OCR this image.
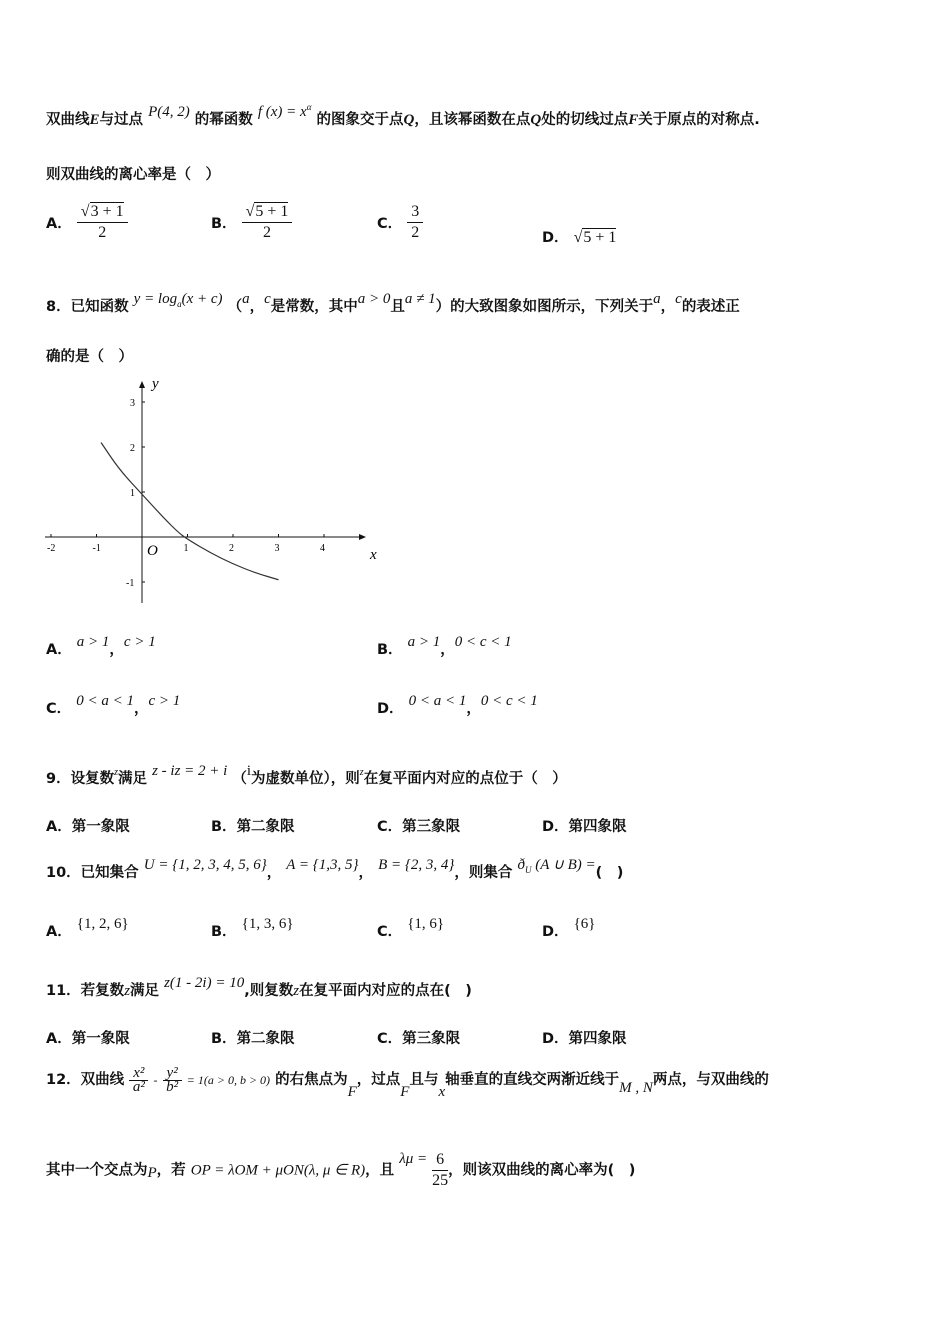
双曲线E与过点 P(4, 2) 的幂函数 f $(x) = x^\alpha$ 的图象交于点Q，且该幂函数在点Q处的切线过点F关于原点的对称点.
则双曲线的离心率是（　）
A． $\frac{√3 + 1}{2}$	B． $\frac{√5 + 1}{2}$	C． $\frac{3}{2}$	D． √5 + 1
8．已知函数 $y = \log_a(x + c)$ （a，c是常数，其中a > 0且a ≠ 1）的大致图象如图所示，下列关于a，c的表述正
确的是（　）
-2	-1	1	2	3	4
3
2
1
-1
x
y
O
A． a > 1，c > 1	B． a > 1，0 < c < 1
C． 0 < a < 1，c > 1	D． 0 < a < 1，0 < c < 1
9．设复数$^z$满足 z - iz = 2 + i （i为虚数单位），则$^z$在复平面内对应的点位于（　）
A．第一象限	B．第二象限	C．第三象限	D．第四象限
10．已知集合 U = {1, 2, 3, 4, 5, 6}， A = {1,3, 5}， B = {2, 3, 4}，则集合 $ð_U$ (A ∪ B) =(　)
A． {1, 2, 6}	B． {1, 3, 6}	C． {1, 6}	D． {6}
11．若复数z满足 z(1 - 2i) = 10,则复数z在复平面内对应的点在(　)
A．第一象限	B．第二象限	C．第三象限	D．第四象限
12．双曲线 $\frac{\text{x²}}{\text{a²}} - \frac{\text{y²}}{\text{b²}} = 1(a > 0$, b > 0) 的右焦点为F，过点F且与x轴垂直的直线交两渐近线于M , N两点，与双曲线的
其中一个交点为P，若 OP = λOM + μON(λ, μ ∈ R)，且 $\lambda\mu = \frac{6}{25}$ ，则该双曲线的离心率为(　)
